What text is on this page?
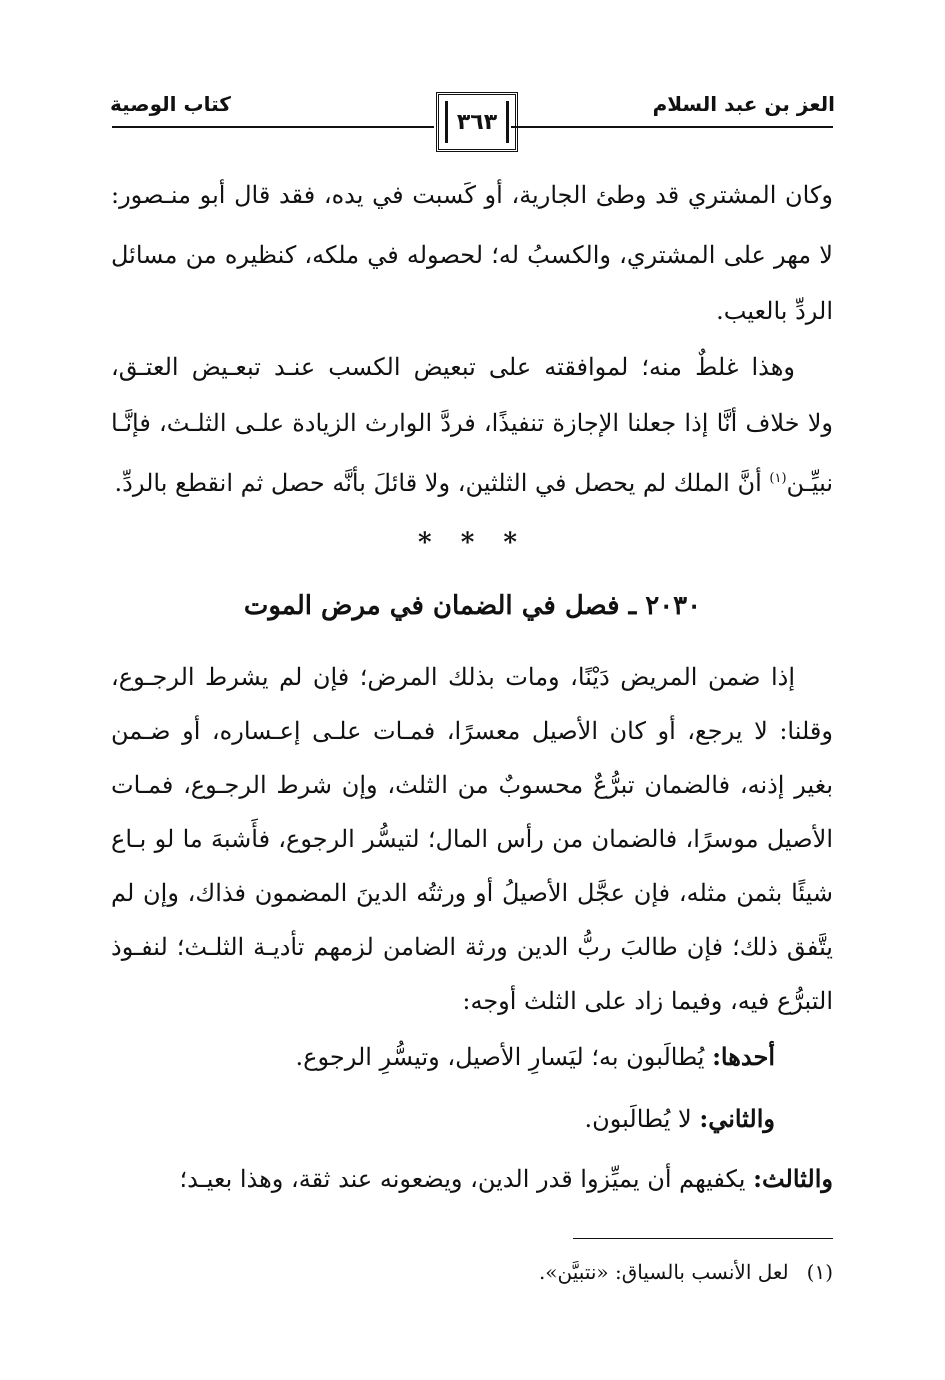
العز بن عبد السلام
كتاب الوصية
٣٦٣
وكان المشتري قد وطئ الجارية، أو كَسبت في يده، فقد قال أبو منـصور:
لا مهر على المشتري، والكسبُ له؛ لحصوله في ملكه، كنظيره من مسائل
الردِّ بالعيب.
وهذا غلطٌ منه؛ لموافقته على تبعيض الكسب عنـد تبعـيض العتـق،
ولا خلاف أنَّا إذا جعلنا الإجازة تنفيذًا، فردَّ الوارث الزيادة علـى الثلـث، فإنَّـا
نبيِّـن$^{(١)}$ أنَّ الملك لم يحصل في الثلثين، ولا قائلَ بأنَّه حصل ثم انقطع بالردِّ.
* * *
٢٠٣٠ ـ فصل في الضمان في مرض الموت
إذا ضمن المريض دَيْنًا، ومات بذلك المرض؛ فإن لم يشرط الرجـوع،
وقلنا: لا يرجع، أو كان الأصيل معسرًا، فمـات علـى إعـساره، أو ضـمن
بغير إذنه، فالضمان تبرُّعٌ محسوبٌ من الثلث، وإن شرط الرجـوع، فمـات
الأصيل موسرًا، فالضمان من رأس المال؛ لتيسُّر الرجوع، فأَشبهَ ما لو بـاع
شيئًا بثمن مثله، فإن عجَّل الأصيلُ أو ورثتُه الدينَ المضمون فذاك، وإن لم
يتَّفق ذلك؛ فإن طالبَ ربُّ الدين ورثة الضامن لزمهم تأديـة الثلـث؛ لنفـوذ
التبرُّع فيه، وفيما زاد على الثلث أوجه:
أحدها: يُطالَبون به؛ ليَسارِ الأصيل، وتيسُّرِ الرجوع.
والثاني: لا يُطالَبون.
والثالث: يكفيهم أن يميِّزوا قدر الدين، ويضعونه عند ثقة، وهذا بعيـد؛
(١)لعل الأنسب بالسياق: «نتبيَّن».
